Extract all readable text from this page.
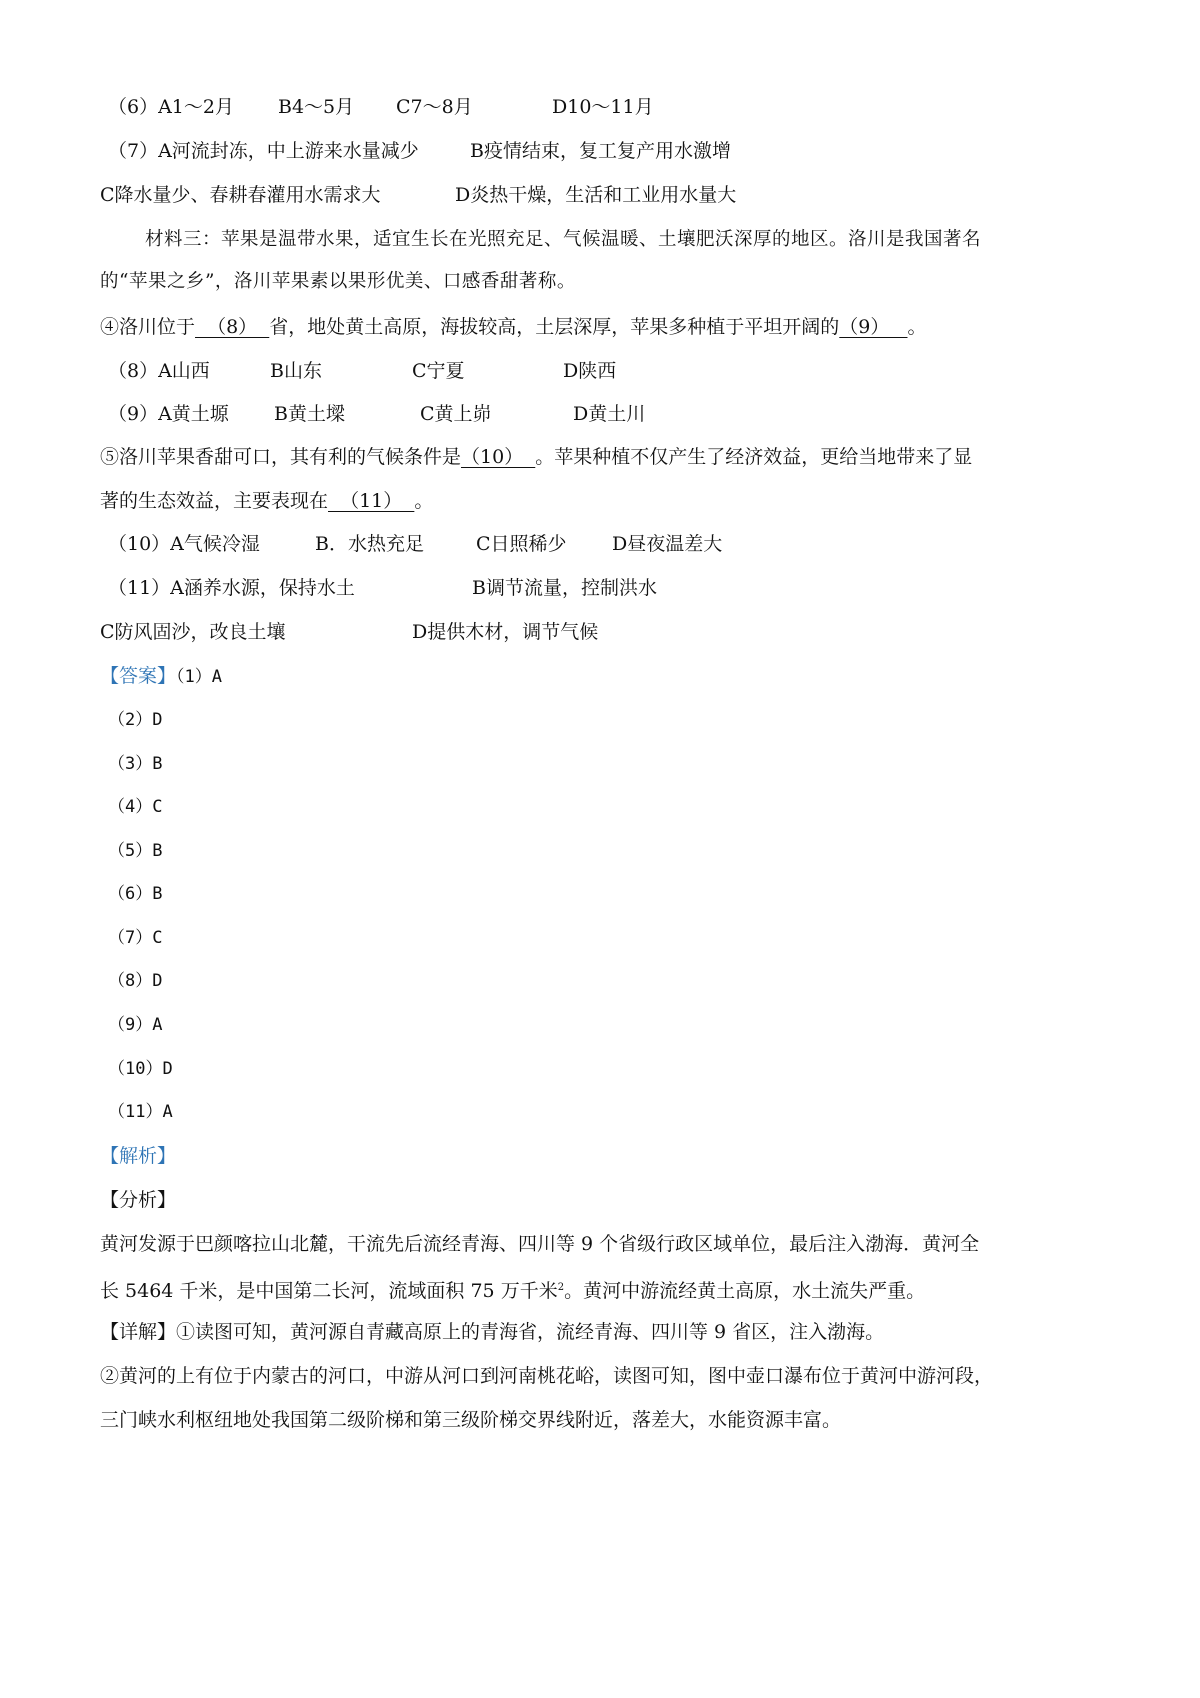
（6）A1～2月 B4～5月 C7～8月	D10～11月
（7）A河流封冻，中上游来水量减少	B疫情结束，复工复产用水激增
C降水量少、春耕春灌用水需求大	D炎热干燥，生活和工业用水量大
材料三：苹果是温带水果，适宜生长在光照充足、气候温暖、土壤肥沃深厚的地区。洛川是我国著名
的“苹果之乡”，洛川苹果素以果形优美、口感香甜著称。
④洛川位于  （8）  省，地处黄土高原，海拔较高，土层深厚，苹果多种植于平坦开阔的（9）   。
（8）A山西	B山东	C宁夏	D陕西
（9）A黄土塬 B黄土墚	C黄上峁	D黄土川
⑤洛川苹果香甜可口，其有利的气候条件是（10）  。苹果种植不仅产生了经济效益，更给当地带来了显
著的生态效益，主要表现在  （11）  。
（10）A气候冷湿	B．水热充足	C日照稀少 D昼夜温差大
（11）A涵养水源，保持水土	B调节流量，控制洪水
C防风固沙，改良土壤	D提供木材，调节气候
【答案】（1）A
（2）D
（3）B
（4）C
（5）B
（6）B
（7）C
（8）D
（9）A
（10）D
（11）A
【解析】
【分析】
黄河发源于巴颜喀拉山北麓，干流先后流经青海、四川等 9 个省级行政区域单位，最后注入渤海．黄河全
长 5464 千米，是中国第二长河，流域面积 75 万千米$^2$。黄河中游流经黄土高原，水土流失严重。
【详解】①读图可知，黄河源自青藏高原上的青海省，流经青海、四川等 9 省区，注入渤海。
②黄河的上有位于内蒙古的河口，中游从河口到河南桃花峪，读图可知，图中壶口瀑布位于黄河中游河段，
三门峡水利枢纽地处我国第二级阶梯和第三级阶梯交界线附近，落差大，水能资源丰富。
